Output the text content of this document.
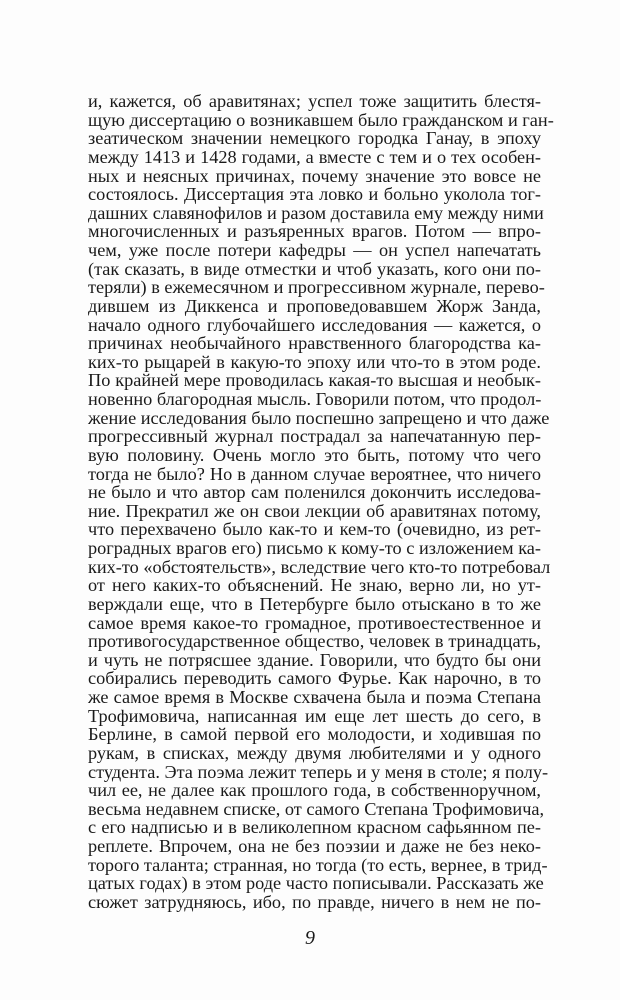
и, кажется, об аравитянах; успел тоже защитить блестя-
щую диссертацию о возникавшем было гражданском и ган-
зеатическом значении немецкого городка Ганау, в эпоху
между 1413 и 1428 годами, а вместе с тем и о тех особен-
ных и неясных причинах, почему значение это вовсе не
состоялось. Диссертация эта ловко и больно уколола тог-
дашних славянофилов и разом доставила ему между ними
многочисленных и разъяренных врагов. Потом — впро-
чем, уже после потери кафедры — он успел напечатать
(так сказать, в виде отместки и чтоб указать, кого они по-
теряли) в ежемесячном и прогрессивном журнале, перево-
дившем из Диккенса и проповедовавшем Жорж Занда,
начало одного глубочайшего исследования — кажется, о
причинах необычайного нравственного благородства ка-
ких-то рыцарей в какую-то эпоху или что-то в этом роде.
По крайней мере проводилась какая-то высшая и необык-
новенно благородная мысль. Говорили потом, что продол-
жение исследования было поспешно запрещено и что даже
прогрессивный журнал пострадал за напечатанную пер-
вую половину. Очень могло это быть, потому что чего
тогда не было? Но в данном случае вероятнее, что ничего
не было и что автор сам поленился докончить исследова-
ние. Прекратил же он свои лекции об аравитянах потому,
что перехвачено было как-то и кем-то (очевидно, из рет-
роградных врагов его) письмо к кому-то с изложением ка-
ких-то «обстоятельств», вследствие чего кто-то потребовал
от него каких-то объяснений. Не знаю, верно ли, но ут-
верждали еще, что в Петербурге было отыскано в то же
самое время какое-то громадное, противоестественное и
противогосударственное общество, человек в тринадцать,
и чуть не потрясшее здание. Говорили, что будто бы они
собирались переводить самого Фурье. Как нарочно, в то
же самое время в Москве схвачена была и поэма Степана
Трофимовича, написанная им еще лет шесть до сего, в
Берлине, в самой первой его молодости, и ходившая по
рукам, в списках, между двумя любителями и у одного
студента. Эта поэма лежит теперь и у меня в столе; я полу-
чил ее, не далее как прошлого года, в собственноручном,
весьма недавнем списке, от самого Степана Трофимовича,
с его надписью и в великолепном красном сафьянном пе-
реплете. Впрочем, она не без поэзии и даже не без неко-
торого таланта; странная, но тогда (то есть, вернее, в трид-
цатых годах) в этом роде часто пописывали. Рассказать же
сюжет затрудняюсь, ибо, по правде, ничего в нем не по-
9
